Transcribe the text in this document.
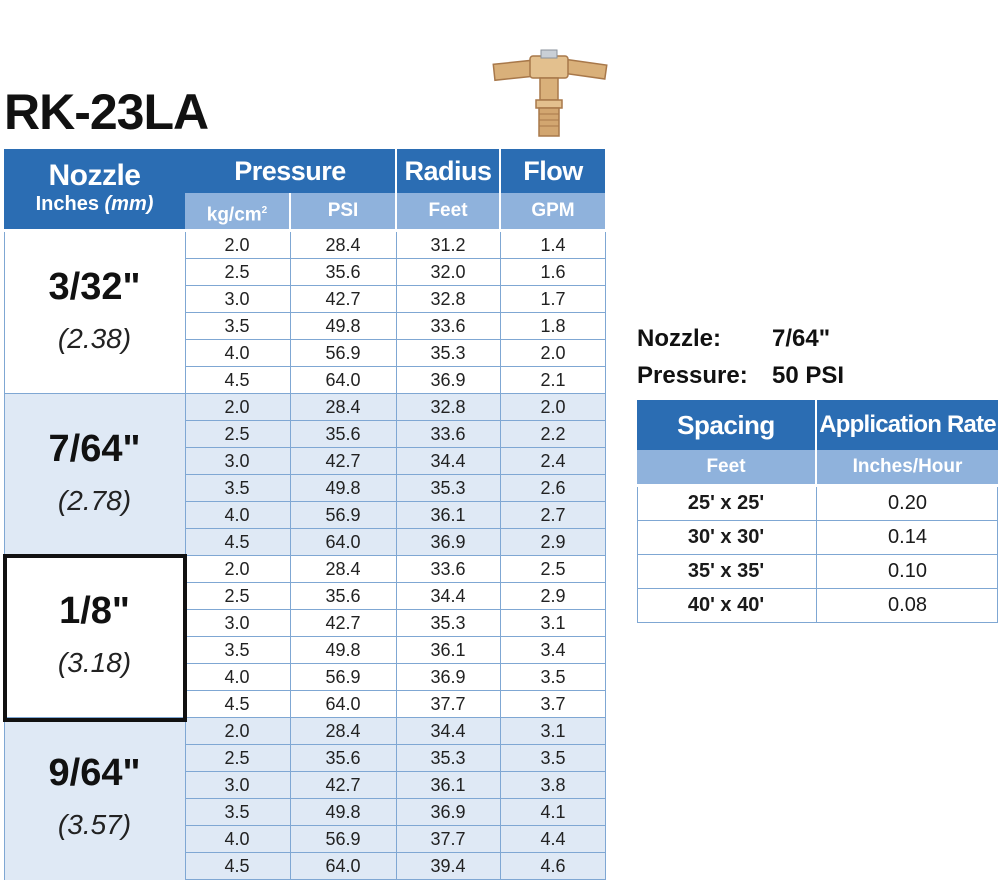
RK-23LA
Nozzle
Inches (mm)
Pressure	Radius	Flow
$kg/cm^2$	PSI	Feet	GPM
3/32"
(2.38)
2.0	28.4	31.2	1.4
2.5	35.6	32.0	1.6
3.0	42.7	32.8	1.7
3.5	49.8	33.6	1.8
4.0	56.9	35.3	2.0
4.5	64.0	36.9	2.1
7/64"
(2.78)
2.0	28.4	32.8	2.0
2.5	35.6	33.6	2.2
3.0	42.7	34.4	2.4
3.5	49.8	35.3	2.6
4.0	56.9	36.1	2.7
4.5	64.0	36.9	2.9
1/8"
(3.18)
2.0	28.4	33.6	2.5
2.5	35.6	34.4	2.9
3.0	42.7	35.3	3.1
3.5	49.8	36.1	3.4
4.0	56.9	36.9	3.5
4.5	64.0	37.7	3.7
9/64"
(3.57)
2.0	28.4	34.4	3.1
2.5	35.6	35.3	3.5
3.0	42.7	36.1	3.8
3.5	49.8	36.9	4.1
4.0	56.9	37.7	4.4
4.5	64.0	39.4	4.6
Nozzle: 7/64"
Pressure: 50 PSI
Spacing	Application Rate
Feet	Inches/Hour
25' x 25'	0.20
30' x 30'	0.14
35' x 35'	0.10
40' x 40'	0.08
